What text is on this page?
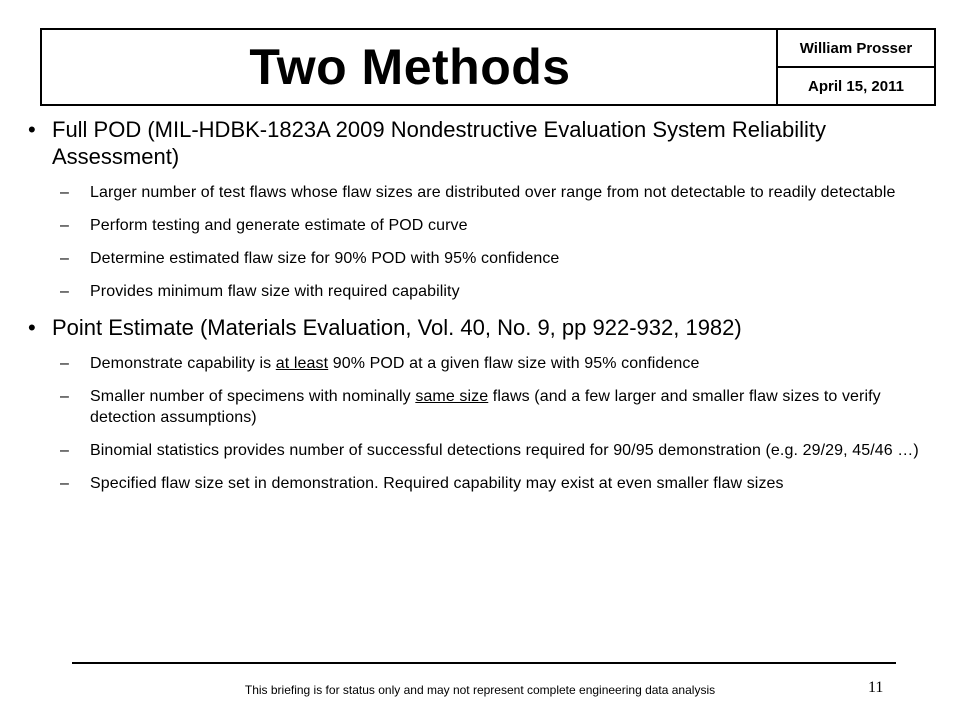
Two Methods	William Prosser
April 15, 2011
• Full POD (MIL-HDBK-1823A 2009 Nondestructive Evaluation System Reliability Assessment)
– Larger number of test flaws whose flaw sizes are distributed over range from not detectable to readily detectable
– Perform testing and generate estimate of POD curve
– Determine estimated flaw size for 90% POD with 95% confidence
– Provides minimum flaw size with required capability
• Point Estimate (Materials Evaluation, Vol. 40, No. 9, pp 922-932, 1982)
– Demonstrate capability is at least 90% POD at a given flaw size with 95% confidence
– Smaller number of specimens with nominally same size flaws (and a few larger and smaller flaw sizes to verify detection assumptions)
– Binomial statistics provides number of successful detections required for 90/95 demonstration (e.g. 29/29, 45/46 …)
– Specified flaw size set in demonstration. Required capability may exist at even smaller flaw sizes
This briefing is for status only and may not represent complete engineering data analysis	11
